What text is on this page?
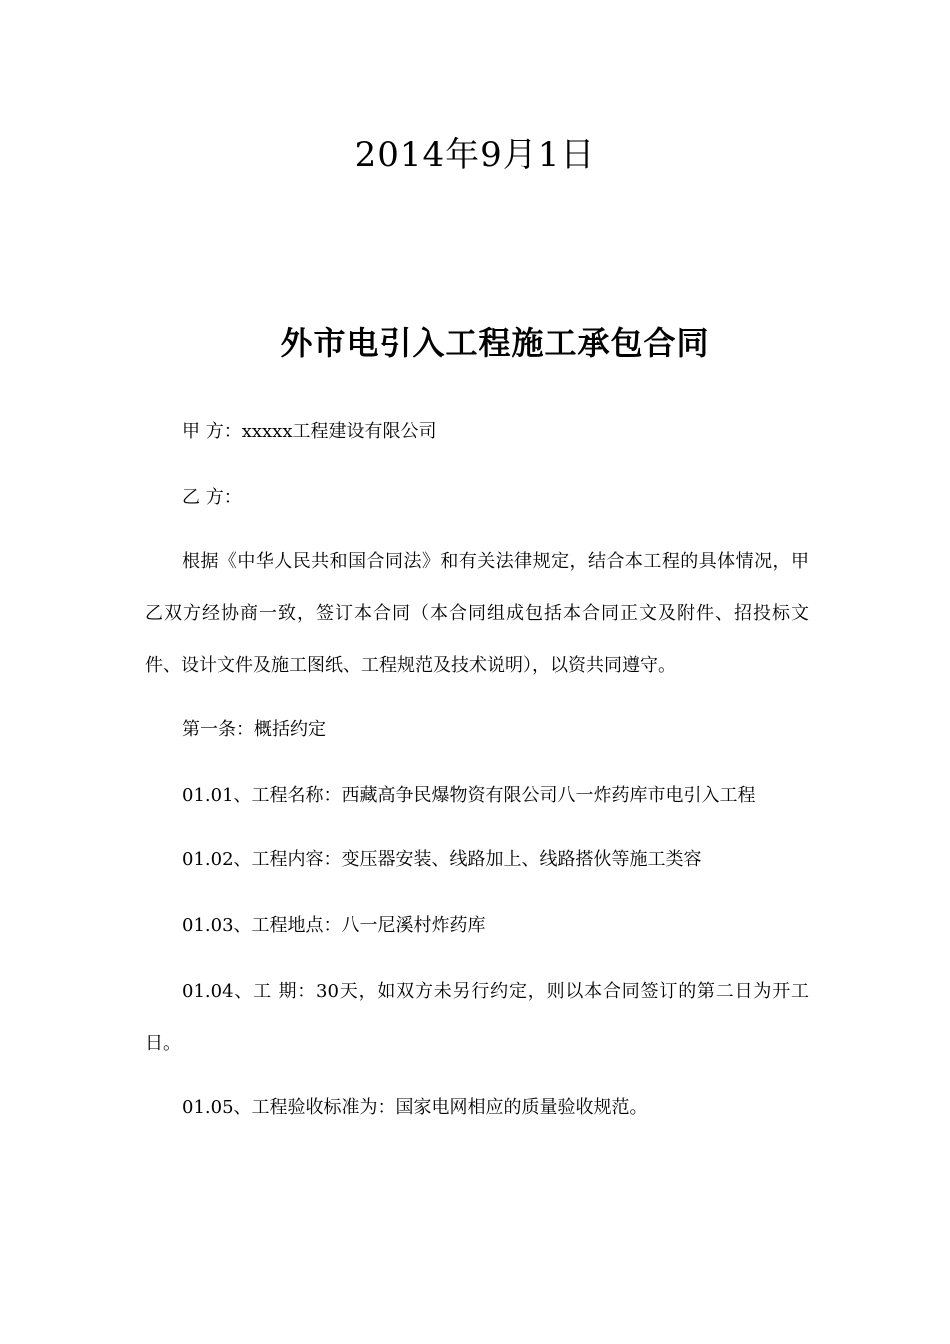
2014年9月1日
外市电引入工程施工承包合同

甲 方：xxxxx工程建设有限公司

乙 方：

根据《中华人民共和国合同法》和有关法律规定，结合本工程的具体情况，甲乙双方经协商一致，签订本合同（本合同组成包括本合同正文及附件、招投标文件、设计文件及施工图纸、工程规范及技术说明），以资共同遵守。

第一条：概括约定

01.01、工程名称：西藏高争民爆物资有限公司八一炸药库市电引入工程

01.02、工程内容：变压器安装、线路加上、线路搭伙等施工类容

01.03、工程地点：八一尼溪村炸药库

01.04、工 期：30天，如双方未另行约定，则以本合同签订的第二日为开工日。

01.05、工程验收标准为：国家电网相应的质量验收规范。
